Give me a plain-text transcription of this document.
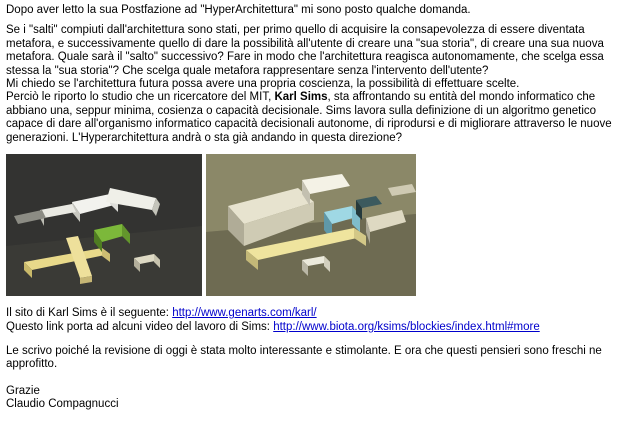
Dopo aver letto la sua Postfazione ad "HyperArchitettura" mi sono posto qualche domanda.

Se i "salti" compiuti dall'architettura sono stati, per primo quello di acquisire la consapevolezza di essere diventata metafora, e successivamente quello di dare la possibilità all'utente di creare una "sua storia", di creare una sua nuova metafora. Quale sarà il "salto" successivo? Fare in modo che l'architettura reagisca autonomamente, che scelga essa stessa la "sua storia"? Che scelga quale metafora rappresentare senza l'intervento dell'utente?

Mi chiedo se l'architettura futura possa avere una propria coscienza, la possibilità di effettuare scelte.

Perciò le riporto lo studio che un ricercatore del MIT, Karl Sims, sta affrontando su entità del mondo informatico che abbiano una, seppur minima, cosienza o capacità decisionale. Sims lavora sulla definizione di un algoritmo genetico capace di dare all'organismo informatico capacità decisionali autonome, di riprodursi e di migliorare attraverso le nuove generazioni. L'Hyperarchitettura andrà o sta già andando in questa direzione?

Il sito di Karl Sims è il seguente: http://www.genarts.com/karl/

Questo link porta ad alcuni video del lavoro di Sims: http://www.biota.org/ksims/blockies/index.html#more

Le scrivo poiché la revisione di oggi è stata molto interessante e stimolante. E ora che questi pensieri sono freschi ne approfitto.

Grazie

Claudio Compagnucci
